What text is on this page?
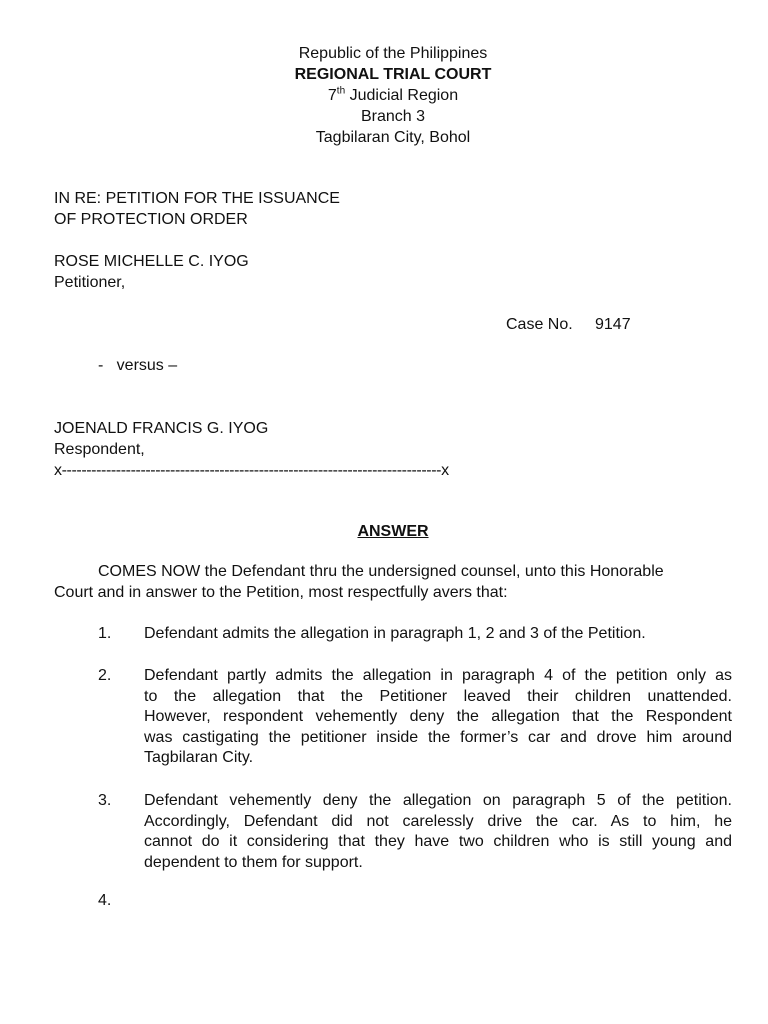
Republic of the Philippines
REGIONAL TRIAL COURT
7th Judicial Region
Branch 3
Tagbilaran City, Bohol
IN RE: PETITION FOR THE ISSUANCE
OF PROTECTION ORDER
ROSE MICHELLE C. IYOG
Petitioner,
Case No. 9147
-   versus –
JOENALD FRANCIS G. IYOG
Respondent,
x-----------------------------------------------------------------------------x
ANSWER
COMES NOW the Defendant thru the undersigned counsel, unto this Honorable
Court and in answer to the Petition, most respectfully avers that:
1.	Defendant admits the allegation in paragraph 1, 2 and 3 of the Petition.
2.	Defendant partly admits the allegation in paragraph 4 of the petition only as
to the allegation that the Petitioner leaved their children unattended.
However, respondent vehemently deny the allegation that the Respondent
was castigating the petitioner inside the former’s car and drove him around
Tagbilaran City.
3.	Defendant vehemently deny the allegation on paragraph 5 of the petition.
Accordingly, Defendant did not carelessly drive the car. As to him, he
cannot do it considering that they have two children who is still young and
dependent to them for support.
4.
